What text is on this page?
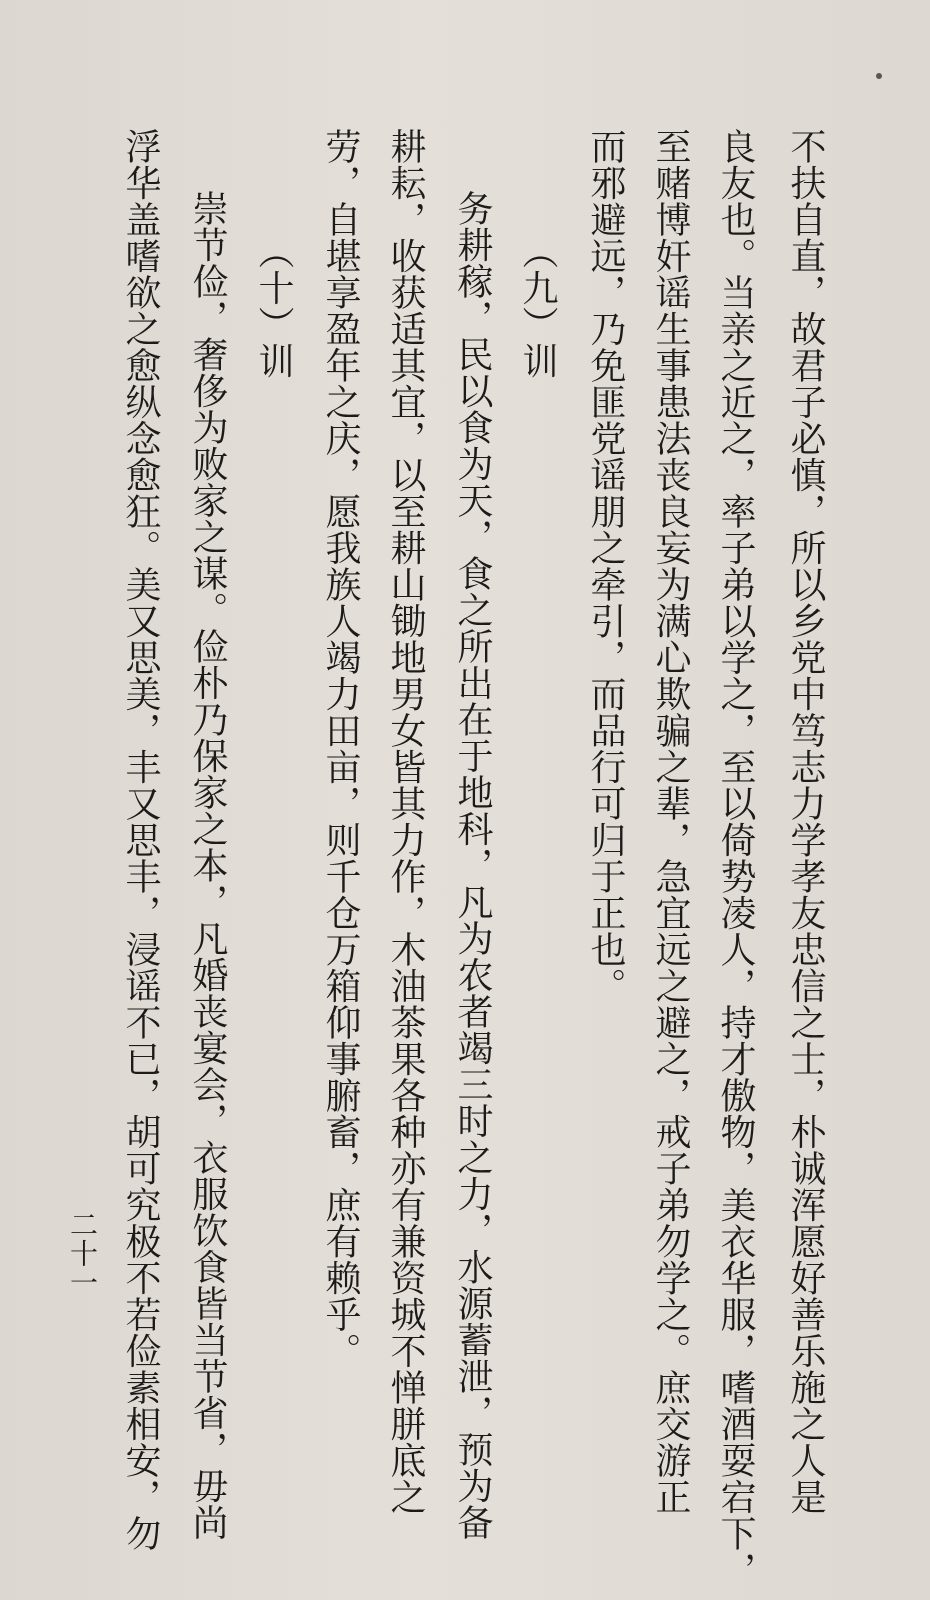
不扶自直，故君子必慎，所以乡党中笃志力学孝友忠信之士，朴诚浑愿好善乐施之人是
良友也。当亲之近之，率子弟以学之，至以倚势凌人，持才傲物，美衣华服，嗜酒耍宕下，
至赌博奸谣生事患法丧良妄为满心欺骗之辈，急宜远之避之，戒子弟勿学之。庶交游正
而邪避远，乃免匪党谣朋之牵引，而品行可归于正也。
（九）训
务耕稼，民以食为天，食之所出在于地科，凡为农者竭三时之力，水源蓄泄，预为备
耕耘，收获适其宜，以至耕山锄地男女皆其力作，木油茶果各种亦有兼资城不惮胼底之
劳，自堪享盈年之庆，愿我族人竭力田亩，则千仓万箱仰事腑畜，庶有赖乎。
（十）训
崇节俭，奢侈为败家之谋。俭朴乃保家之本，凡婚丧宴会，衣服饮食皆当节省，毋尚
浮华盖嗜欲之愈纵念愈狂。美又思美，丰又思丰，浸谣不已，胡可究极不若俭素相安，勿
二十一
